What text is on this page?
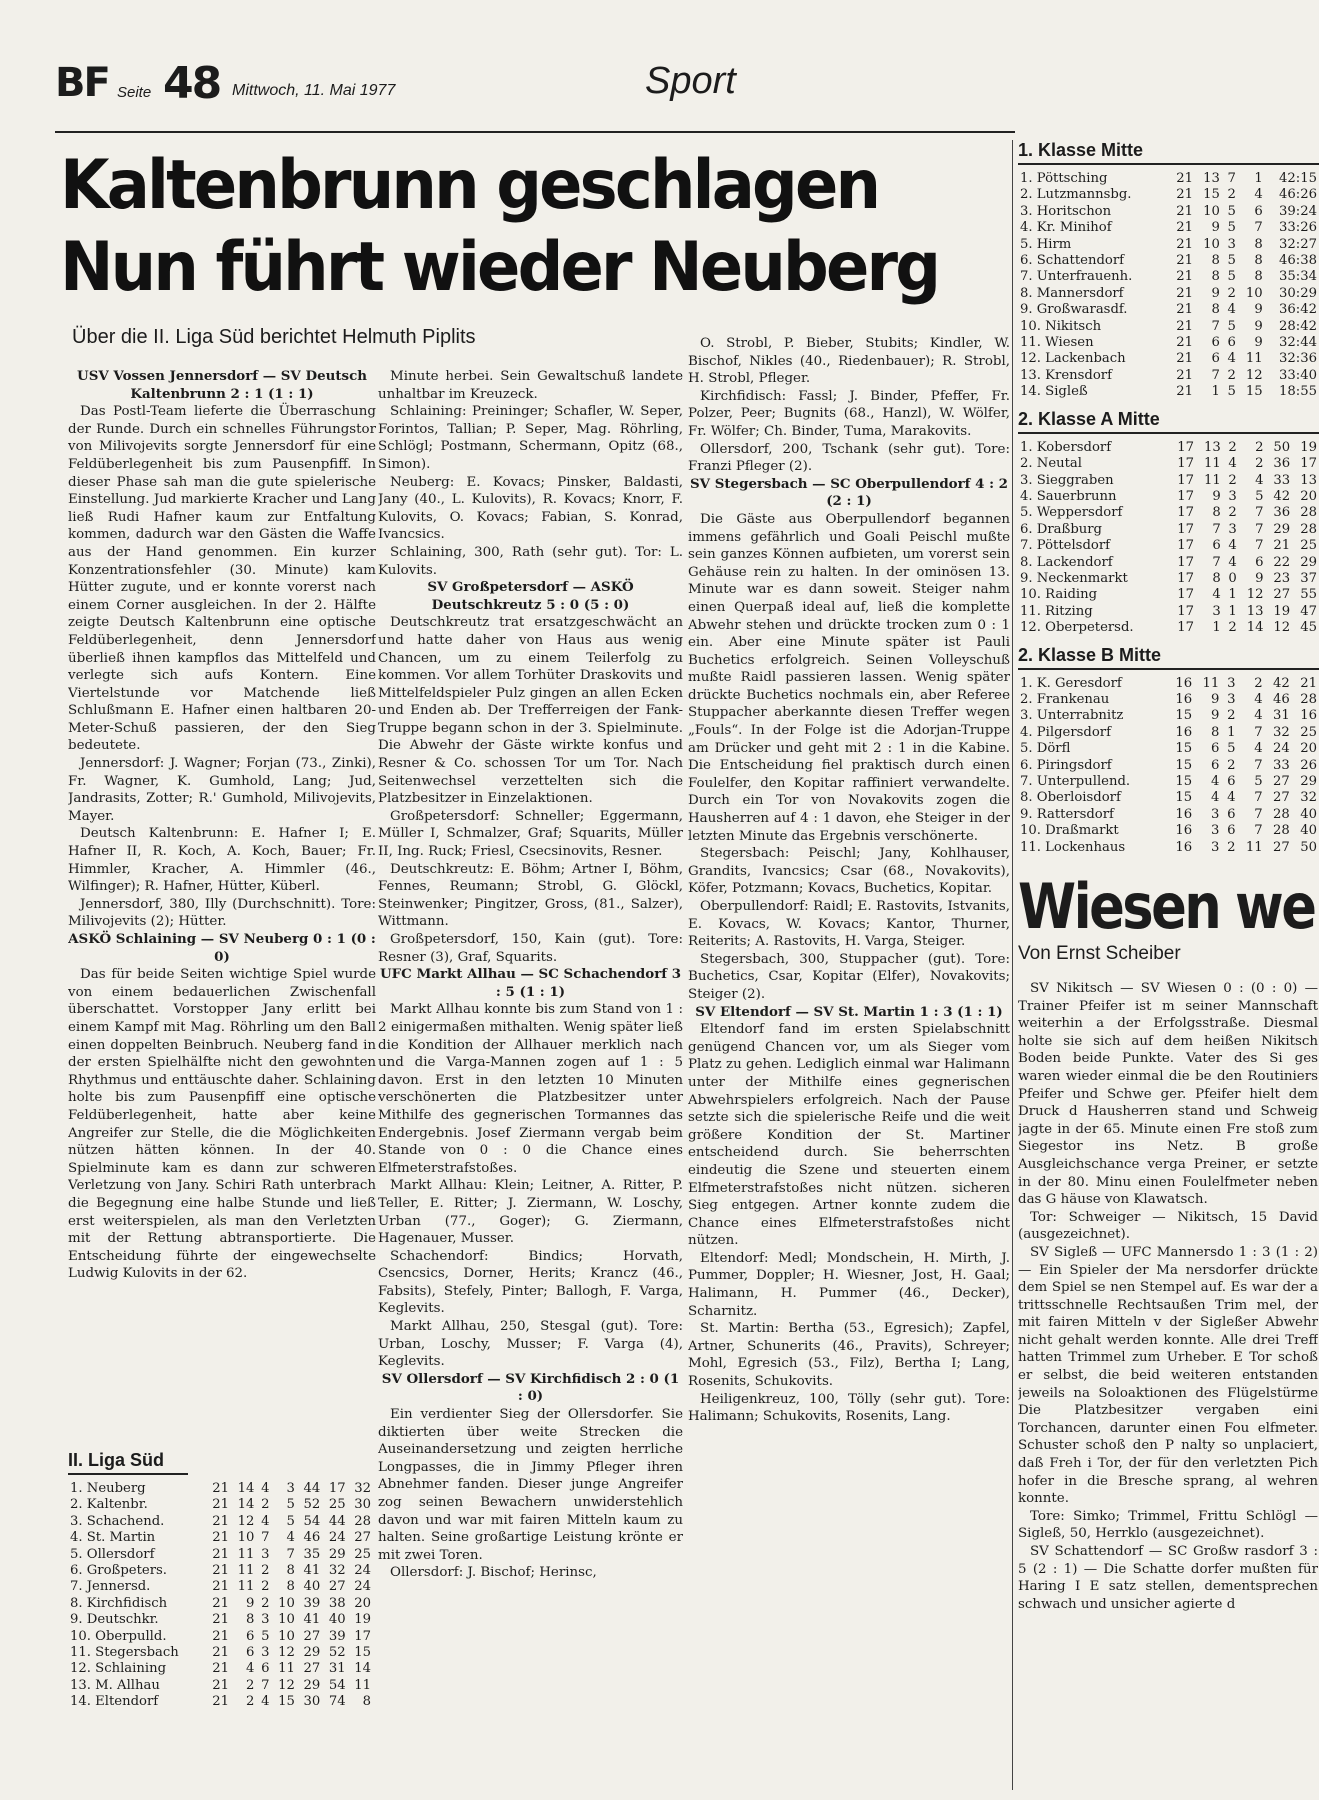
BF Seite 48 Mittwoch, 11. Mai 1977	Sport
Kaltenbrunn geschlagen
Nun führt wieder Neuberg
Über die II. Liga Süd berichtet Helmuth Piplits

USV Vossen Jennersdorf — SV Deutsch Kaltenbrunn 2 : 1 (1 : 1)

Das Postl-Team lieferte die Überraschung der Runde. Durch ein schnelles Führungstor von Milivojevits sorgte Jennersdorf für eine Feldüberlegenheit bis zum Pausenpfiff. In dieser Phase sah man die gute spielerische Einstellung. Jud markierte Kracher und Lang ließ Rudi Hafner kaum zur Entfaltung kommen, dadurch war den Gästen die Waffe aus der Hand genommen. Ein kurzer Konzentrationsfehler (30. Minute) kam Hütter zugute, und er konnte vorerst nach einem Corner ausgleichen. In der 2. Hälfte zeigte Deutsch Kaltenbrunn eine optische Feldüberlegenheit, denn Jennersdorf überließ ihnen kampflos das Mittelfeld und verlegte sich aufs Kontern. Eine Viertelstunde vor Matchende ließ Schlußmann E. Hafner einen haltbaren 20-Meter-Schuß passieren, der den Sieg bedeutete.

Jennersdorf: J. Wagner; Forjan (73., Zinki), Fr. Wagner, K. Gumhold, Lang; Jud, Jandrasits, Zotter; R.' Gumhold, Milivojevits, Mayer.

Deutsch Kaltenbrunn: E. Hafner I; E. Hafner II, R. Koch, A. Koch, Bauer; Fr. Himmler, Kracher, A. Himmler (46., Wilfinger); R. Hafner, Hütter, Küberl.

Jennersdorf, 380, Illy (Durchschnitt). Tore: Milivojevits (2); Hütter.

ASKÖ Schlaining — SV Neuberg 0 : 1 (0 : 0)

Das für beide Seiten wichtige Spiel wurde von einem bedauerlichen Zwischenfall überschattet. Vorstopper Jany erlitt bei einem Kampf mit Mag. Röhrling um den Ball einen doppelten Beinbruch. Neuberg fand in der ersten Spielhälfte nicht den gewohnten Rhythmus und enttäuschte daher. Schlaining holte bis zum Pausenpfiff eine optische Feldüberlegenheit, hatte aber keine Angreifer zur Stelle, die die Möglichkeiten nützen hätten können. In der 40. Spielminute kam es dann zur schweren Verletzung von Jany. Schiri Rath unterbrach die Begegnung eine halbe Stunde und ließ erst weiterspielen, als man den Verletzten mit der Rettung abtransportierte. Die Entscheidung führte der eingewechselte Ludwig Kulovits in der 62.

Minute herbei. Sein Gewaltschuß landete unhaltbar im Kreuzeck.

Schlaining: Preininger; Schafler, W. Seper, Forintos, Tallian; P. Seper, Mag. Röhrling, Schlögl; Postmann, Schermann, Opitz (68., Simon).

Neuberg: E. Kovacs; Pinsker, Baldasti, Jany (40., L. Kulovits), R. Kovacs; Knorr, F. Kulovits, O. Kovacs; Fabian, S. Konrad, Ivancsics.

Schlaining, 300, Rath (sehr gut). Tor: L. Kulovits.

SV Großpetersdorf — ASKÖ Deutschkreutz 5 : 0 (5 : 0)

Deutschkreutz trat ersatzgeschwächt an und hatte daher von Haus aus wenig Chancen, um zu einem Teilerfolg zu kommen. Vor allem Torhüter Draskovits und Mittelfeldspieler Pulz gingen an allen Ecken und Enden ab. Der Trefferreigen der Fank-Truppe begann schon in der 3. Spielminute. Die Abwehr der Gäste wirkte konfus und Resner & Co. schossen Tor um Tor. Nach Seitenwechsel verzettelten sich die Platzbesitzer in Einzelaktionen.

Großpetersdorf: Schneller; Eggermann, Müller I, Schmalzer, Graf; Squarits, Müller II, Ing. Ruck; Friesl, Csecsinovits, Resner.

Deutschkreutz: E. Böhm; Artner I, Böhm, Fennes, Reumann; Strobl, G. Glöckl, Steinwenker; Pingitzer, Gross, (81., Salzer), Wittmann.

Großpetersdorf, 150, Kain (gut). Tore: Resner (3), Graf, Squarits.

UFC Markt Allhau — SC Schachendorf 3 : 5 (1 : 1)

Markt Allhau konnte bis zum Stand von 1 : 2 einigermaßen mithalten. Wenig später ließ die Kondition der Allhauer merklich nach und die Varga-Mannen zogen auf 1 : 5 davon. Erst in den letzten 10 Minuten verschönerten die Platzbesitzer unter Mithilfe des gegnerischen Tormannes das Endergebnis. Josef Ziermann vergab beim Stande von 0 : 0 die Chance eines Elfmeterstrafstoßes.

Markt Allhau: Klein; Leitner, A. Ritter, P. Teller, E. Ritter; J. Ziermann, W. Loschy, Urban (77., Goger); G. Ziermann, Hagenauer, Musser.

Schachendorf: Bindics; Horvath, Csencsics, Dorner, Herits; Krancz (46., Fabsits), Stefely, Pinter; Ballogh, F. Varga, Keglevits.

Markt Allhau, 250, Stesgal (gut). Tore: Urban, Loschy, Musser; F. Varga (4), Keglevits.

SV Ollersdorf — SV Kirchfidisch 2 : 0 (1 : 0)

Ein verdienter Sieg der Ollersdorfer. Sie diktierten über weite Strecken die Auseinandersetzung und zeigten herrliche Longpasses, die in Jimmy Pfleger ihren Abnehmer fanden. Dieser junge Angreifer zog seinen Bewachern unwiderstehlich davon und war mit fairen Mitteln kaum zu halten. Seine großartige Leistung krönte er mit zwei Toren.

Ollersdorf: J. Bischof; Herinsc,

O. Strobl, P. Bieber, Stubits; Kindler, W. Bischof, Nikles (40., Riedenbauer); R. Strobl, H. Strobl, Pfleger.

Kirchfidisch: Fassl; J. Binder, Pfeffer, Fr. Polzer, Peer; Bugnits (68., Hanzl), W. Wölfer, Fr. Wölfer; Ch. Binder, Tuma, Marakovits.

Ollersdorf, 200, Tschank (sehr gut). Tore: Franzi Pfleger (2).

SV Stegersbach — SC Oberpullendorf 4 : 2 (2 : 1)

Die Gäste aus Oberpullendorf begannen immens gefährlich und Goali Peischl mußte sein ganzes Können aufbieten, um vorerst sein Gehäuse rein zu halten. In der ominösen 13. Minute war es dann soweit. Steiger nahm einen Querpaß ideal auf, ließ die komplette Abwehr stehen und drückte trocken zum 0 : 1 ein. Aber eine Minute später ist Pauli Buchetics erfolgreich. Seinen Volleyschuß mußte Raidl passieren lassen. Wenig später drückte Buchetics nochmals ein, aber Referee Stuppacher aberkannte diesen Treffer wegen „Fouls“. In der Folge ist die Adorjan-Truppe am Drücker und geht mit 2 : 1 in die Kabine. Die Entscheidung fiel praktisch durch einen Foulelfer, den Kopitar raffiniert verwandelte. Durch ein Tor von Novakovits zogen die Hausherren auf 4 : 1 davon, ehe Steiger in der letzten Minute das Ergebnis verschönerte.

Stegersbach: Peischl; Jany, Kohlhauser, Grandits, Ivancsics; Csar (68., Novakovits), Köfer, Potzmann; Kovacs, Buchetics, Kopitar.

Oberpullendorf: Raidl; E. Rastovits, Istvanits, E. Kovacs, W. Kovacs; Kantor, Thurner, Reiterits; A. Rastovits, H. Varga, Steiger.

Stegersbach, 300, Stuppacher (gut). Tore: Buchetics, Csar, Kopitar (Elfer), Novakovits; Steiger (2).

SV Eltendorf — SV St. Martin 1 : 3 (1 : 1)

Eltendorf fand im ersten Spielabschnitt genügend Chancen vor, um als Sieger vom Platz zu gehen. Lediglich einmal war Halimann unter der Mithilfe eines gegnerischen Abwehrspielers erfolgreich. Nach der Pause setzte sich die spielerische Reife und die weit größere Kondition der St. Martiner entscheidend durch. Sie beherrschten eindeutig die Szene und steuerten einem Elfmeterstrafstoßes nicht nützen. sicheren Sieg entgegen. Artner konnte zudem die Chance eines Elfmeterstrafstoßes nicht nützen.

Eltendorf: Medl; Mondschein, H. Mirth, J. Pummer, Doppler; H. Wiesner, Jost, H. Gaal; Halimann, H. Pummer (46., Decker), Scharnitz.

St. Martin: Bertha (53., Egresich); Zapfel, Artner, Schunerits (46., Pravits), Schreyer; Mohl, Egresich (53., Filz), Bertha I; Lang, Rosenits, Schukovits.

Heiligenkreuz, 100, Tölly (sehr gut). Tore: Halimann; Schukovits, Rosenits, Lang.

II. Liga Süd
1. Neuberg	21	14	4	3	44	17	32
2. Kaltenbr.	21	14	2	5	52	25	30
3. Schachend.	21	12	4	5	54	44	28
4. St. Martin	21	10	7	4	46	24	27
5. Ollersdorf	21	11	3	7	35	29	25
6. Großpeters.	21	11	2	8	41	32	24
7. Jennersd.	21	11	2	8	40	27	24
8. Kirchfidisch	21	9	2	10	39	38	20
9. Deutschkr.	21	8	3	10	41	40	19
10. Oberpulld.	21	6	5	10	27	39	17
11. Stegersbach	21	6	3	12	29	52	15
12. Schlaining	21	4	6	11	27	31	14
13. M. Allhau	21	2	7	12	29	54	11
14. Eltendorf	21	2	4	15	30	74	8
1. Klasse Mitte
1. Pöttsching	21	13	7	1	42:15
2. Lutzmannsbg.	21	15	2	4	46:26
3. Horitschon	21	10	5	6	39:24
4. Kr. Minihof	21	9	5	7	33:26
5. Hirm	21	10	3	8	32:27
6. Schattendorf	21	8	5	8	46:38
7. Unterfrauenh.	21	8	5	8	35:34
8. Mannersdorf	21	9	2	10	30:29
9. Großwarasdf.	21	8	4	9	36:42
10. Nikitsch	21	7	5	9	28:42
11. Wiesen	21	6	6	9	32:44
12. Lackenbach	21	6	4	11	32:36
13. Krensdorf	21	7	2	12	33:40
14. Sigleß	21	1	5	15	18:55
2. Klasse A Mitte
1. Kobersdorf	17	13	2	2	50	19
2. Neutal	17	11	4	2	36	17
3. Sieggraben	17	11	2	4	33	13
4. Sauerbrunn	17	9	3	5	42	20
5. Weppersdorf	17	8	2	7	36	28
6. Draßburg	17	7	3	7	29	28
7. Pöttelsdorf	17	6	4	7	21	25
8. Lackendorf	17	7	4	6	22	29
9. Neckenmarkt	17	8	0	9	23	37
10. Raiding	17	4	1	12	27	55
11. Ritzing	17	3	1	13	19	47
12. Oberpetersd.	17	1	2	14	12	45
2. Klasse B Mitte
1. K. Geresdorf	16	11	3	2	42	21
2. Frankenau	16	9	3	4	46	28
3. Unterrabnitz	15	9	2	4	31	16
4. Pilgersdorf	16	8	1	7	32	25
5. Dörfl	15	6	5	4	24	20
6. Piringsdorf	15	6	2	7	33	26
7. Unterpullend.	15	4	6	5	27	29
8. Oberloisdorf	15	4	4	7	27	32
9. Rattersdorf	16	3	6	7	28	40
10. Draßmarkt	16	3	6	7	28	40
11. Lockenhaus	16	3	2	11	27	50
Wiesen we
Von Ernst Scheiber

SV Nikitsch — SV Wiesen 0 : (0 : 0) — Trainer Pfeifer ist m seiner Mannschaft weiterhin a der Erfolgsstraße. Diesmal holte sie sich auf dem heißen Nikitsch Boden beide Punkte. Vater des Si ges waren wieder einmal die be den Routiniers Pfeifer und Schwe ger. Pfeifer hielt dem Druck d Hausherren stand und Schweig jagte in der 65. Minute einen Fre stoß zum Siegestor ins Netz. B große Ausgleichschance verga Preiner, er setzte in der 80. Minu einen Foulelfmeter neben das G häuse von Klawatsch.

Tor: Schweiger — Nikitsch, 15 David (ausgezeichnet).

SV Sigleß — UFC Mannersdo 1 : 3 (1 : 2) — Ein Spieler der Ma nersdorfer drückte dem Spiel se nen Stempel auf. Es war der a trittsschnelle Rechtsaußen Trim mel, der mit fairen Mitteln v der Sigleßer Abwehr nicht gehalt werden konnte. Alle drei Treff hatten Trimmel zum Urheber. E Tor schoß er selbst, die beid weiteren entstanden jeweils na Soloaktionen des Flügelstürme Die Platzbesitzer vergaben eini Torchancen, darunter einen Fou elfmeter. Schuster schoß den P nalty so unplaciert, daß Freh i Tor, der für den verletzten Pich hofer in die Bresche sprang, al wehren konnte.

Tore: Simko; Trimmel, Frittu Schlögl — Sigleß, 50, Herrklo (ausgezeichnet).

SV Schattendorf — SC Großw rasdorf 3 : 5 (2 : 1) — Die Schatte dorfer mußten für Haring I E satz stellen, dementsprechen schwach und unsicher agierte d
